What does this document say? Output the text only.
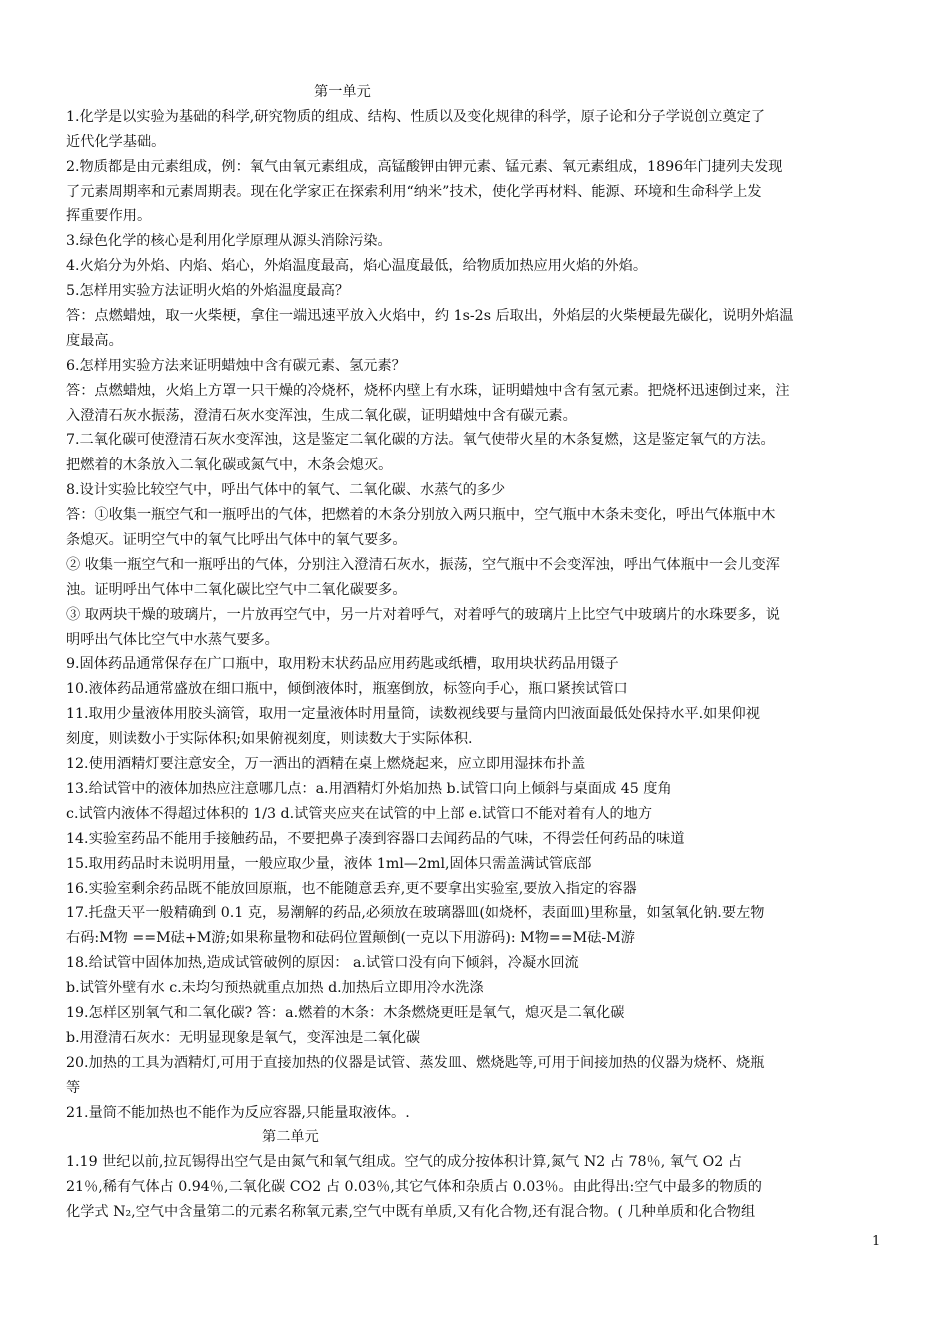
第一单元
1.化学是以实验为基础的科学,研究物质的组成、结构、性质以及变化规律的科学，原子论和分子学说创立奠定了
近代化学基础。
2.物质都是由元素组成，例：氧气由氧元素组成，高锰酸钾由钾元素、锰元素、氧元素组成，1896年门捷列夫发现
了元素周期率和元素周期表。现在化学家正在探索利用“纳米”技术，使化学再材料、能源、环境和生命科学上发
挥重要作用。
3.绿色化学的核心是利用化学原理从源头消除污染。
4.火焰分为外焰、内焰、焰心，外焰温度最高，焰心温度最低，给物质加热应用火焰的外焰。
5.怎样用实验方法证明火焰的外焰温度最高？
答：点燃蜡烛，取一火柴梗，拿住一端迅速平放入火焰中，约 1s-2s 后取出，外焰层的火柴梗最先碳化，说明外焰温
度最高。
6.怎样用实验方法来证明蜡烛中含有碳元素、氢元素？
答：点燃蜡烛，火焰上方罩一只干燥的冷烧杯，烧杯内壁上有水珠，证明蜡烛中含有氢元素。把烧杯迅速倒过来，注
入澄清石灰水振荡，澄清石灰水变浑浊，生成二氧化碳，证明蜡烛中含有碳元素。
7.二氧化碳可使澄清石灰水变浑浊，这是鉴定二氧化碳的方法。氧气使带火星的木条复燃，这是鉴定氧气的方法。
把燃着的木条放入二氧化碳或氮气中，木条会熄灭。
8.设计实验比较空气中，呼出气体中的氧气、二氧化碳、水蒸气的多少
答：①收集一瓶空气和一瓶呼出的气体，把燃着的木条分别放入两只瓶中，空气瓶中木条未变化，呼出气体瓶中木
条熄灭。证明空气中的氧气比呼出气体中的氧气要多。
② 收集一瓶空气和一瓶呼出的气体，分别注入澄清石灰水，振荡，空气瓶中不会变浑浊，呼出气体瓶中一会儿变浑
浊。证明呼出气体中二氧化碳比空气中二氧化碳要多。
③ 取两块干燥的玻璃片，一片放再空气中，另一片对着呼气，对着呼气的玻璃片上比空气中玻璃片的水珠要多，说
明呼出气体比空气中水蒸气要多。
9.固体药品通常保存在广口瓶中，取用粉末状药品应用药匙或纸槽，取用块状药品用镊子
10.液体药品通常盛放在细口瓶中，倾倒液体时，瓶塞倒放，标签向手心，瓶口紧挨试管口
11.取用少量液体用胶头滴管，取用一定量液体时用量筒，读数视线要与量筒内凹液面最低处保持水平.如果仰视
刻度，则读数小于实际体积;如果俯视刻度，则读数大于实际体积.
12.使用酒精灯要注意安全，万一洒出的酒精在桌上燃烧起来，应立即用湿抹布扑盖
13.给试管中的液体加热应注意哪几点：a.用酒精灯外焰加热 b.试管口向上倾斜与桌面成 45 度角
c.试管内液体不得超过体积的 1/3 d.试管夹应夹在试管的中上部 e.试管口不能对着有人的地方
14.实验室药品不能用手接触药品，不要把鼻子凑到容器口去闻药品的气味，不得尝任何药品的味道
15.取用药品时未说明用量，一般应取少量，液体 1ml—2ml,固体只需盖满试管底部
16.实验室剩余药品既不能放回原瓶，也不能随意丢弃,更不要拿出实验室,要放入指定的容器
17.托盘天平一般精确到 0.1 克，易潮解的药品,必须放在玻璃器皿(如烧杯，表面皿)里称量，如氢氧化钠.要左物
右码:M物 ==M砝+M游;如果称量物和砝码位置颠倒(一克以下用游码): M物==M砝-M游
18.给试管中固体加热,造成试管破例的原因： a.试管口没有向下倾斜，冷凝水回流
b.试管外壁有水 c.未均匀预热就重点加热 d.加热后立即用冷水洗涤
19.怎样区别氧气和二氧化碳? 答：a.燃着的木条：木条燃烧更旺是氧气，熄灭是二氧化碳
b.用澄清石灰水：无明显现象是氧气，变浑浊是二氧化碳
20.加热的工具为酒精灯,可用于直接加热的仪器是试管、蒸发皿、燃烧匙等,可用于间接加热的仪器为烧杯、烧瓶
等
21.量筒不能加热也不能作为反应容器,只能量取液体。.
第二单元
1.19 世纪以前,拉瓦锡得出空气是由氮气和氧气组成。空气的成分按体积计算,氮气 N2 占 78％, 氧气 O2 占
21％,稀有气体占 0.94％,二氧化碳 CO2 占 0.03％,其它气体和杂质占 0.03％。由此得出:空气中最多的物质的
化学式 N₂,空气中含量第二的元素名称氧元素,空气中既有单质,又有化合物,还有混合物。( 几种单质和化合物组
1
